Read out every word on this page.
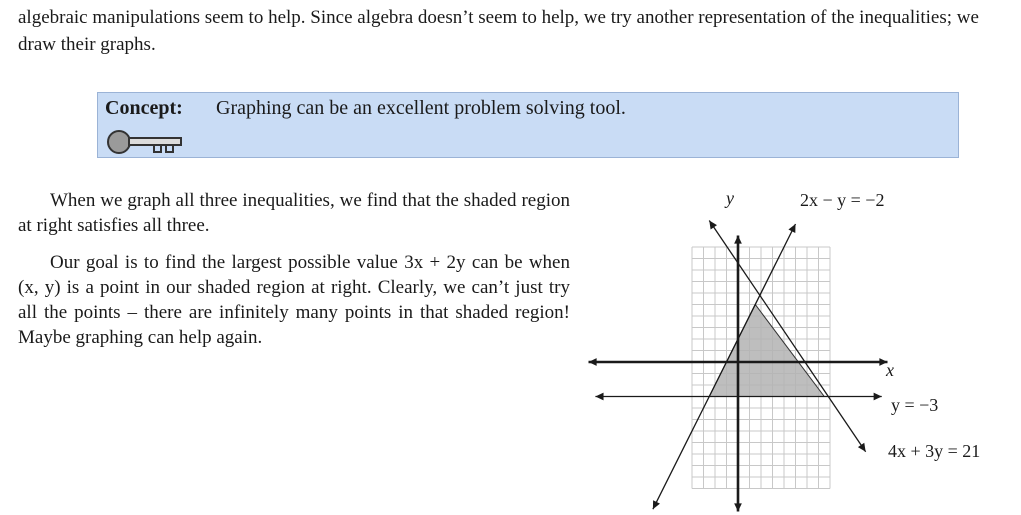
algebraic manipulations seem to help. Since algebra doesn’t seem to help, we try another representation of the inequalities; we draw their graphs.
Concept: Graphing can be an excellent problem solving tool.

When we graph all three inequalities, we find that the shaded region at right satisfies all three.

Our goal is to find the largest possible value 3x + 2y can be when (x, y) is a point in our shaded region at right. Clearly, we can’t just try all the points – there are infinitely many points in that shaded region! Maybe graphing can help again.

y
x
2x − y = −2
y = −3
4x + 3y = 21
